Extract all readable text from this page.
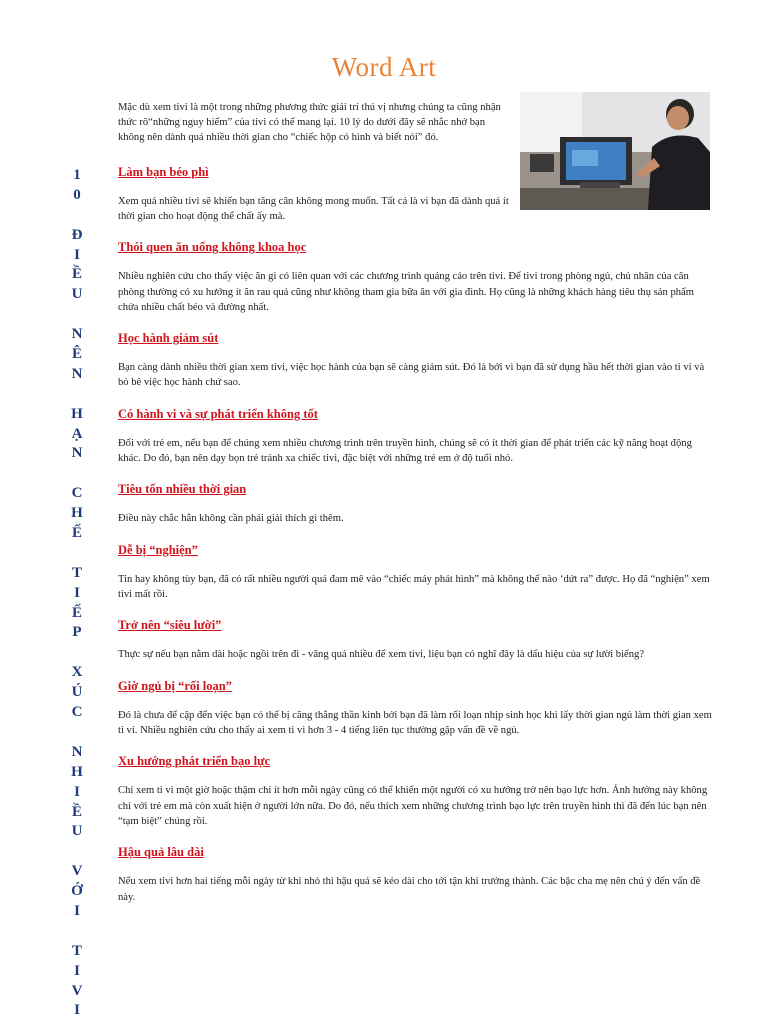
Word Art
1
0
Đ
I
Ề
U
N
Ê
N
H
Ạ
N
C
H
Ế
T
I
Ế
P
X
Ú
C
N
H
I
Ề
U
V
Ớ
I
T
I
V
I

Mặc dù xem tivi là một trong những phương thức giải trí thú vị nhưng chúng ta cũng nhận thức rõ“những nguy hiểm” của tivi có thể mang lại. 10 lý do dưới đây sẽ nhắc nhở bạn không nên dành quá nhiều thời gian cho “chiếc hộp có hình và biết nói” đó.

Làm bạn béo phì

Xem quá nhiều tivi sẽ khiến bạn tăng cân không mong muốn. Tất cả là vì bạn đã dành quá ít thời gian cho hoạt động thể chất ấy mà.

Thói quen ăn uống không khoa học

Nhiều nghiên cứu cho thấy việc ăn gì có liên quan với các chương trình quảng cáo trên tivi. Để tivi trong phòng ngủ, chủ nhân của căn phòng thường có xu hướng ít ăn rau quả cũng như không tham gia bữa ăn với gia đình. Họ cũng là những khách hàng tiêu thụ sản phẩm chứa nhiều chất béo và đường nhất.

Học hành giảm sút

Bạn càng dành nhiều thời gian xem tivi, việc học hành của bạn sẽ càng giảm sút. Đó là bởi vì bạn đã sử dụng hầu hết thời gian vào ti vi và bỏ bê việc học hành chứ sao.

Có hành vi và sự phát triển không tốt

Đối với trẻ em, nếu bạn để chúng xem nhiều chương trình trên truyền hình, chúng sẽ có ít thời gian để phát triển các kỹ năng hoạt động khác. Do đó, bạn nên dạy bọn trẻ tránh xa chiếc tivi, đặc biệt với những trẻ em ở độ tuổi nhỏ.

Tiêu tốn nhiều thời gian

Điều này chắc hẳn không cần phải giải thích gì thêm.

Dễ bị “nghiện”

Tin hay không tùy bạn, đã có rất nhiều người quá đam mê vào “chiếc máy phát hình” mà không thể nào ‘dứt ra” được. Họ đã “nghiện” xem tivi mất rồi.

Trở nên “siêu lười”

Thực sự nếu bạn nằm dài hoặc ngồi trên đi - văng quá nhiều để xem tivi, liệu bạn có nghĩ đây là dấu hiệu của sự lười biếng?

Giờ ngủ bị “rối loạn”

Đó là chưa để cập đến việc bạn có thể bị căng thẳng thần kinh bởi bạn đã làm rối loạn nhịp sinh học khi lấy thời gian ngủ làm thời gian xem ti vi. Nhiều nghiên cứu cho thấy ai xem ti vi hơn 3 - 4 tiếng liên tục thường gặp vấn đề về ngủ.

Xu hướng phát triển bạo lực

Chỉ xem ti vi một giờ hoặc thậm chí ít hơn mỗi ngày cũng có thể khiến một người có xu hướng trở nên bạo lực hơn. Ảnh hưởng này không chỉ với trẻ em mà còn xuất hiện ở người lớn nữa. Do đó, nếu thích xem những chương trình bạo lực trên truyền hình thì đã đến lúc bạn nên “tạm biệt” chúng rồi.

Hậu quả lâu dài

Nếu xem tivi hơn hai tiếng mỗi ngày từ khi nhỏ thì hậu quả sẽ kéo dài cho tới tận khi trưởng thành. Các bậc cha mẹ nên chú ý đến vấn đề này.
